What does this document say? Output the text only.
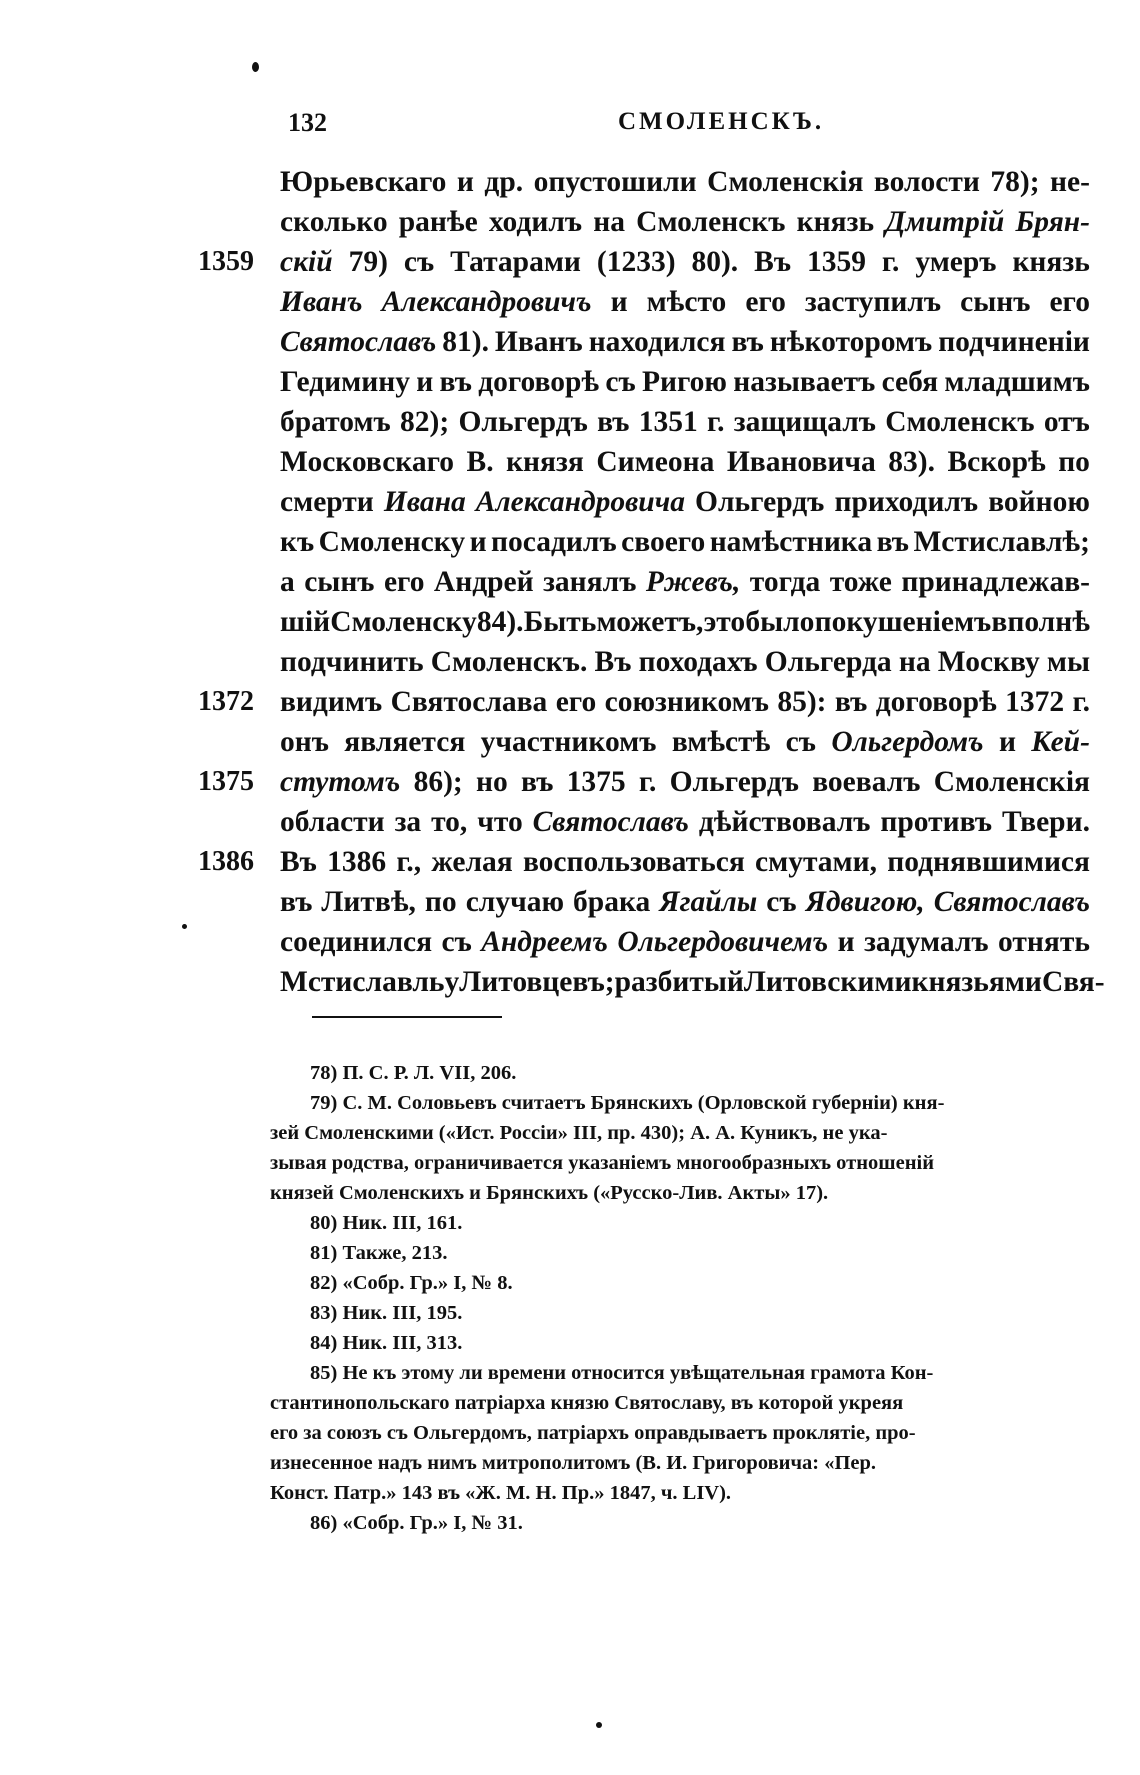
132	СМОЛЕНСКЪ.
1359
1372
1375
1386
Юрьевскаго и др. опустошили Смоленскія волости 78); не-
сколько ранѣе ходилъ на Смоленскъ князь Дмитрій Брян-
скій 79) съ Татарами (1233) 80). Въ 1359 г. умеръ князь
Иванъ Александровичъ и мѣсто его заступилъ сынъ его
Святославъ 81). Иванъ находился въ нѣкоторомъ подчиненіи
Гедимину и въ договорѣ съ Ригою называетъ себя младшимъ
братомъ 82); Ольгердъ въ 1351 г. защищалъ Смоленскъ отъ
Московскаго В. князя Симеона Ивановича 83). Вскорѣ по
смерти Ивана Александровича Ольгердъ приходилъ войною
къ Смоленску и посадилъ своего намѣстника въ Мстиславлѣ;
а сынъ его Андрей занялъ Ржевъ, тогда тоже принадлежав-
шій Смоленску 84). Быть можетъ, это было покушеніемъ вполнѣ
подчинить Смоленскъ. Въ походахъ Ольгерда на Москву мы
видимъ Святослава его союзникомъ 85): въ договорѣ 1372 г.
онъ является участникомъ вмѣстѣ съ Ольгердомъ и Кей-
стутомъ 86); но въ 1375 г. Ольгердъ воевалъ Смоленскія
области за то, что Святославъ дѣйствовалъ противъ Твери.
Въ 1386 г., желая воспользоваться смутами, поднявшимися
въ Литвѣ, по случаю брака Ягайлы съ Ядвигою, Святославъ
соединился съ Андреемъ Ольгердовичемъ и задумалъ отнять
Мстиславль у Литовцевъ; разбитый Литовскими князьями Свя-
78) П. С. Р. Л. VII, 206.
79) С. М. Соловьевъ считаетъ Брянскихъ (Орловской губерніи) кня-
зей Смоленскими («Ист. Россіи» III, пр. 430); А. А. Куникъ, не ука-
зывая родства, ограничивается указаніемъ многообразныхъ отношеній
князей Смоленскихъ и Брянскихъ («Русско-Лив. Акты» 17).
80) Ник. III, 161.
81) Также, 213.
82) «Собр. Гр.» I, № 8.
83) Ник. III, 195.
84) Ник. III, 313.
85) Не къ этому ли времени относится увѣщательная грамота Кон-
стантинопольскаго патріарха князю Святославу, въ которой укреяя
его за союзъ съ Ольгердомъ, патріархъ оправдываетъ проклятіе, про-
изнесенное надъ нимъ митрополитомъ (В. И. Григоровича: «Пер.
Конст. Патр.» 143 въ «Ж. М. Н. Пр.» 1847, ч. LIV).
86) «Собр. Гр.» I, № 31.
